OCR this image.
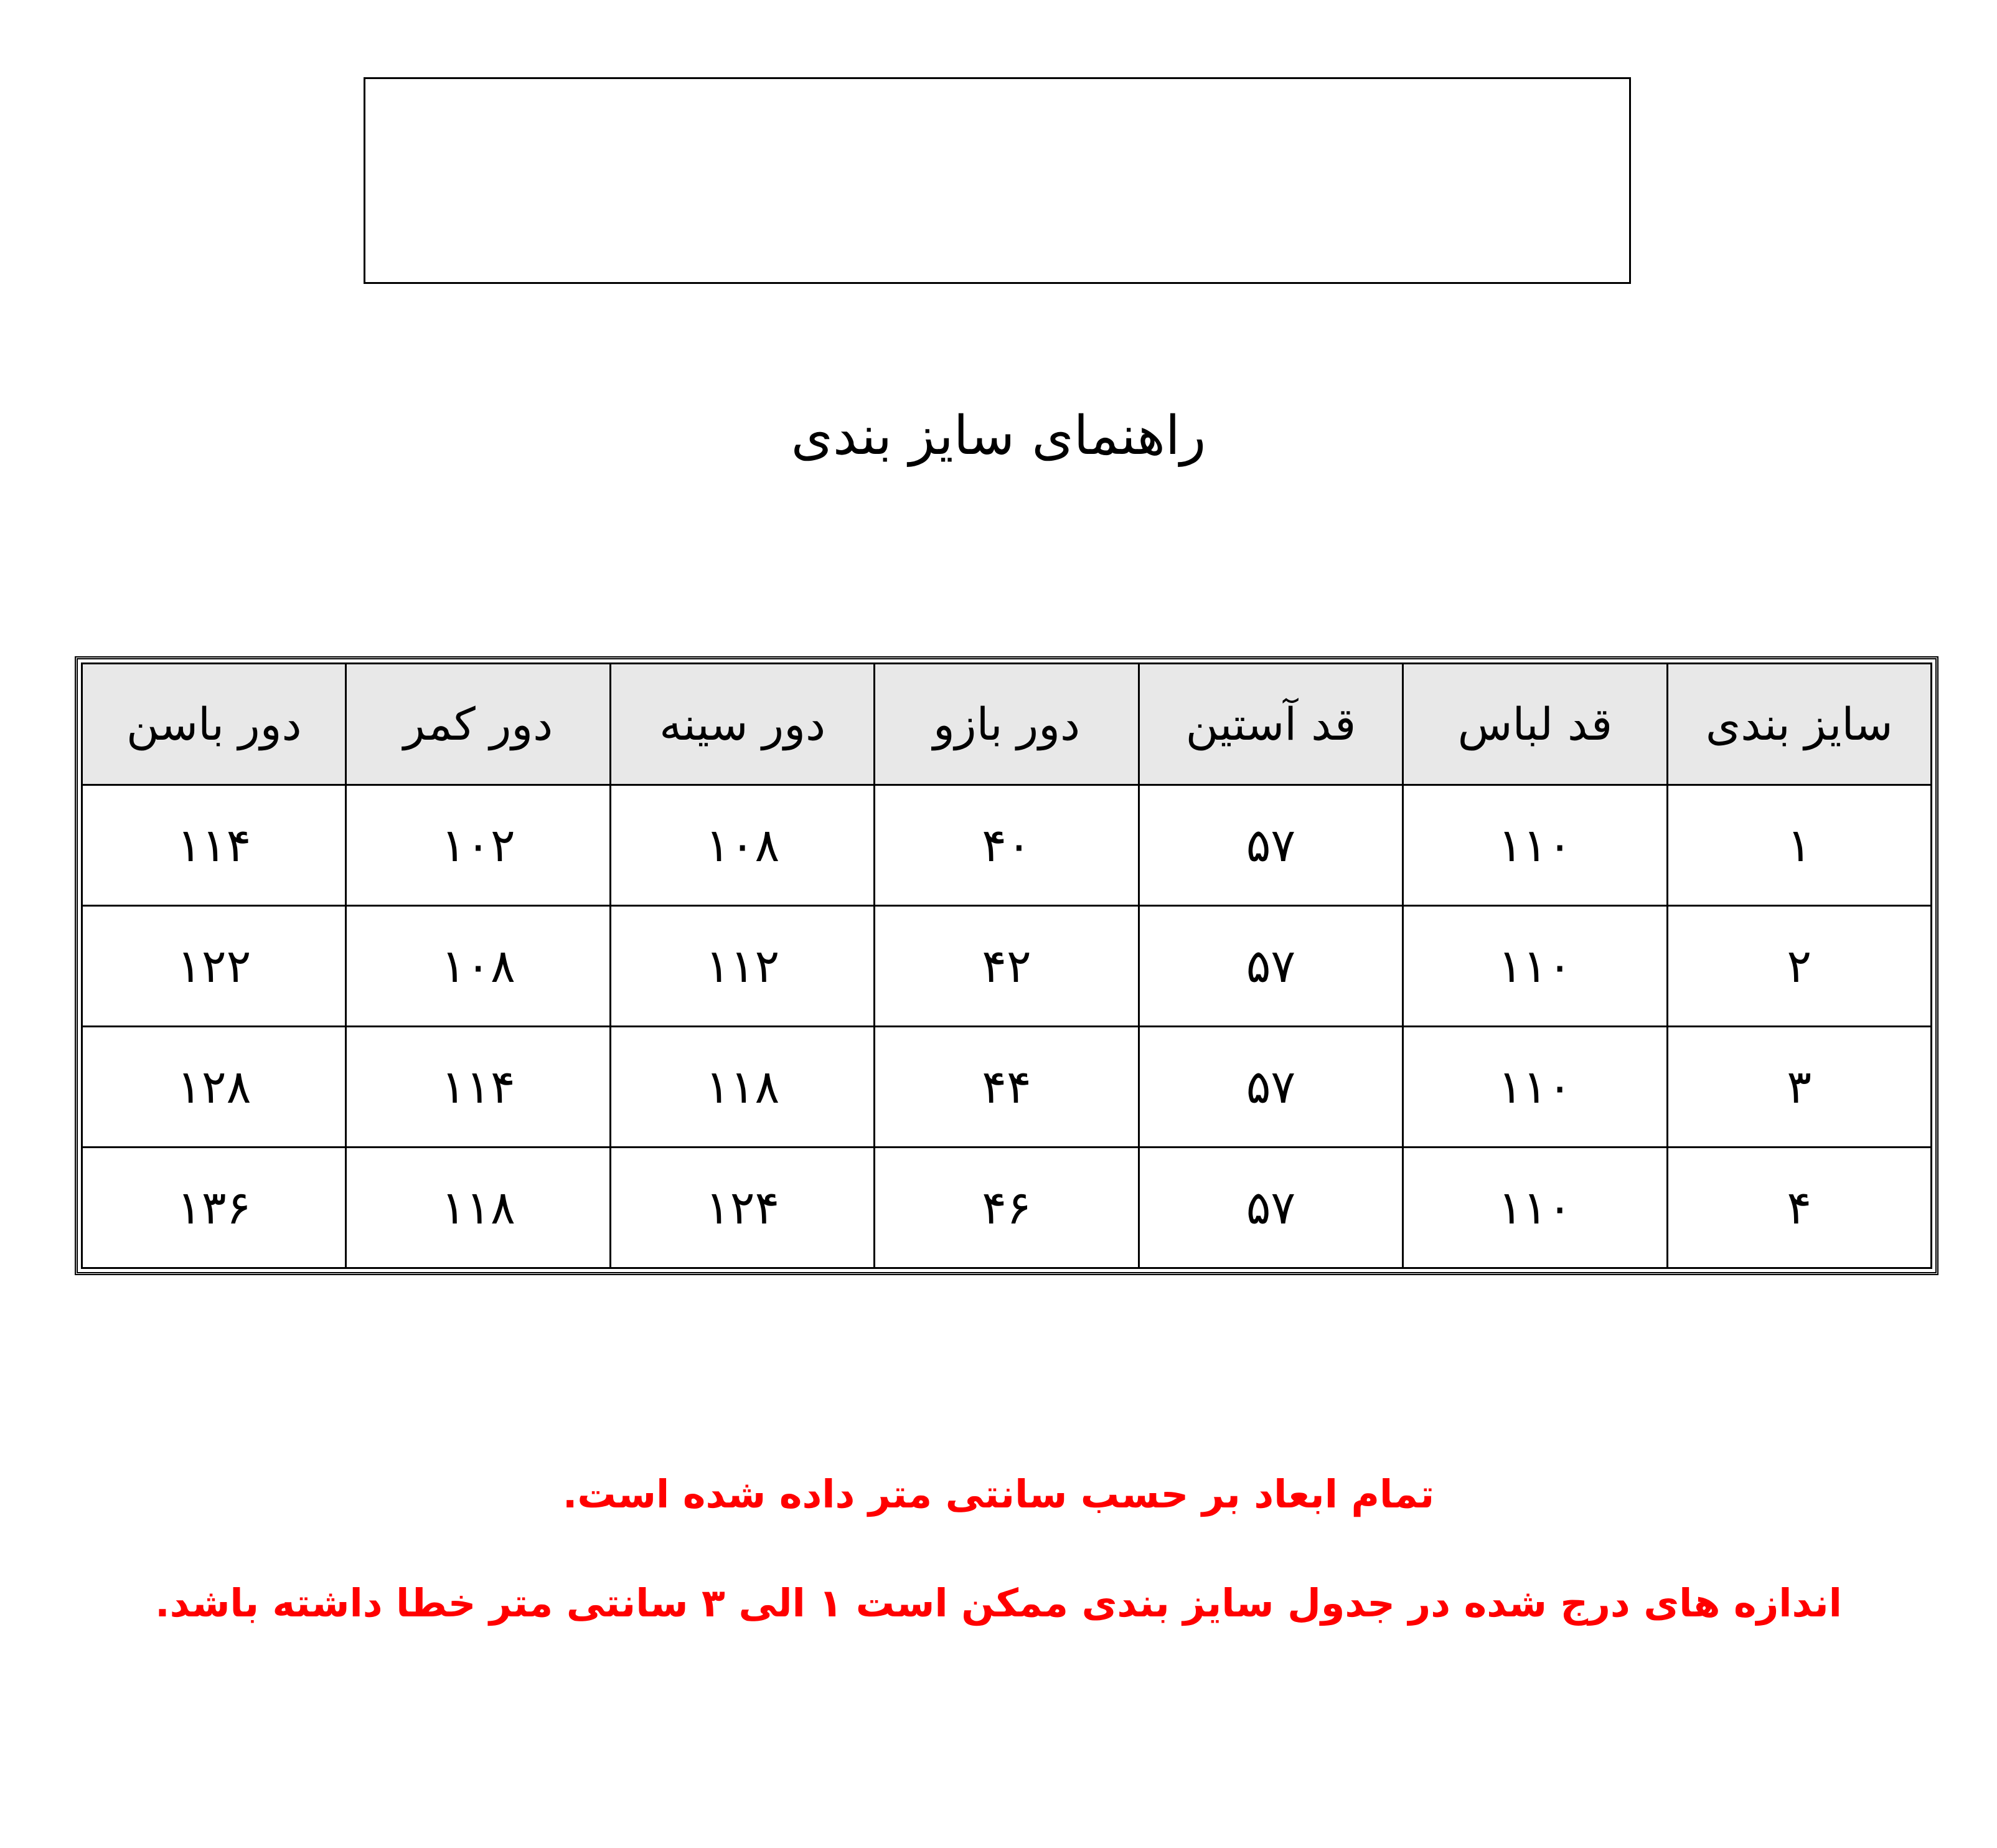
راهنمای سایز بندی
سایز بندی	قد لباس	قد آستین	دور بازو	دور سینه	دور کمر	دور باسن
۱	۱۱۰	۵۷	۴۰	۱۰۸	۱۰۲	۱۱۴
۲	۱۱۰	۵۷	۴۲	۱۱۲	۱۰۸	۱۲۲
۳	۱۱۰	۵۷	۴۴	۱۱۸	۱۱۴	۱۲۸
۴	۱۱۰	۵۷	۴۶	۱۲۴	۱۱۸	۱۳۶
تمام ابعاد بر حسب سانتی متر داده شده است.
اندازه های درج شده در جدول سایز بندی ممکن است ۱ الی ۳ سانتی متر خطا داشته باشد.
